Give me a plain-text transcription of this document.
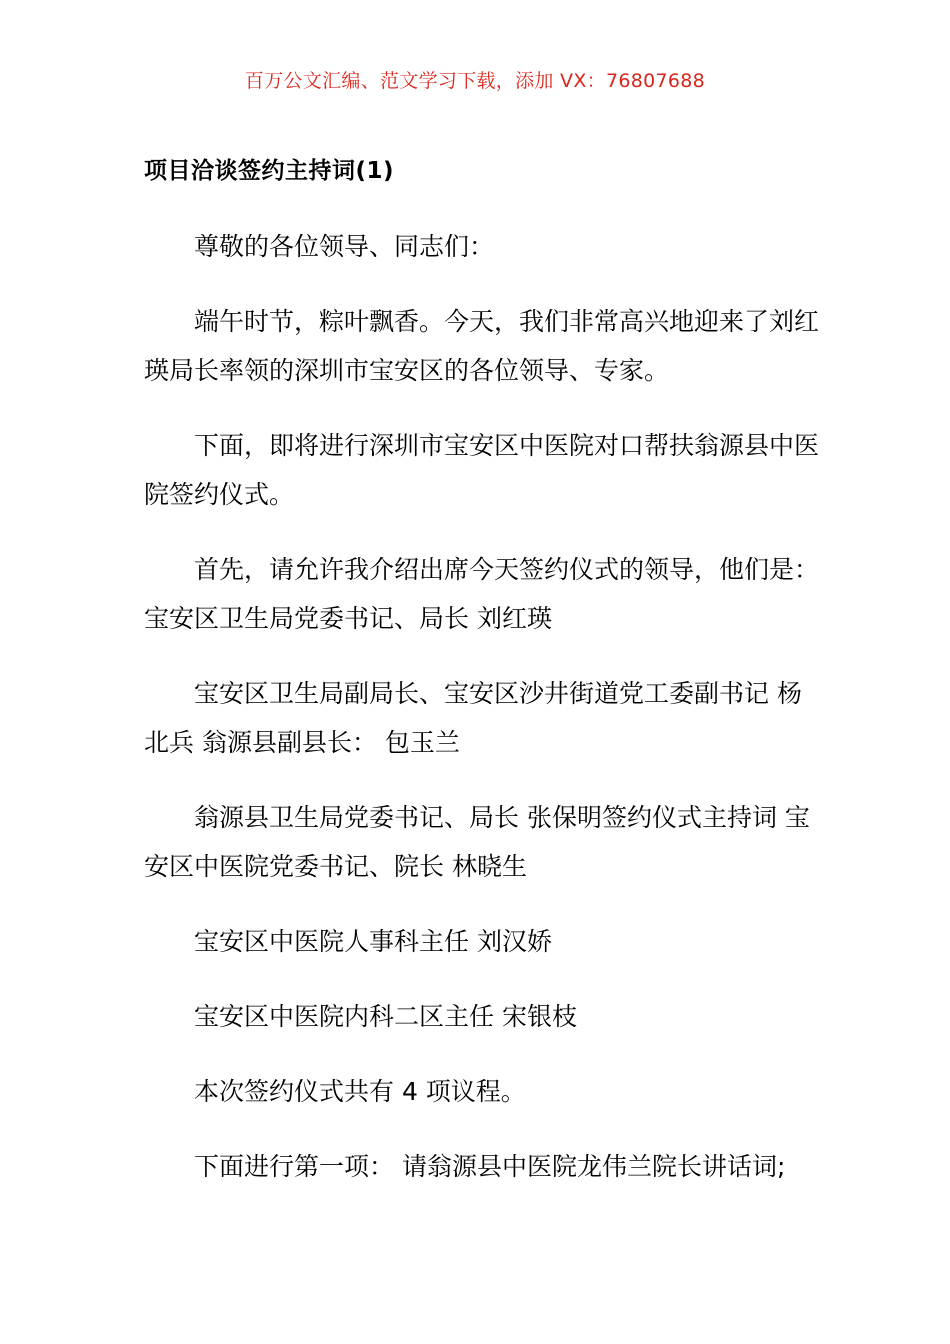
百万公文汇编、范文学习下载，添加 VX：76807688
项目洽谈签约主持词(1)

尊敬的各位领导、同志们：

端午时节，粽叶飘香。今天，我们非常高兴地迎来了刘红瑛局长率领的深圳市宝安区的各位领导、专家。

下面，即将进行深圳市宝安区中医院对口帮扶翁源县中医院签约仪式。

首先，请允许我介绍出席今天签约仪式的领导，他们是： 宝安区卫生局党委书记、局长 刘红瑛

宝安区卫生局副局长、宝安区沙井街道党工委副书记 杨北兵 翁源县副县长： 包玉兰

翁源县卫生局党委书记、局长 张保明签约仪式主持词 宝安区中医院党委书记、院长 林晓生

宝安区中医院人事科主任 刘汉娇

宝安区中医院内科二区主任 宋银枝

本次签约仪式共有 4 项议程。

下面进行第一项： 请翁源县中医院龙伟兰院长讲话词;
